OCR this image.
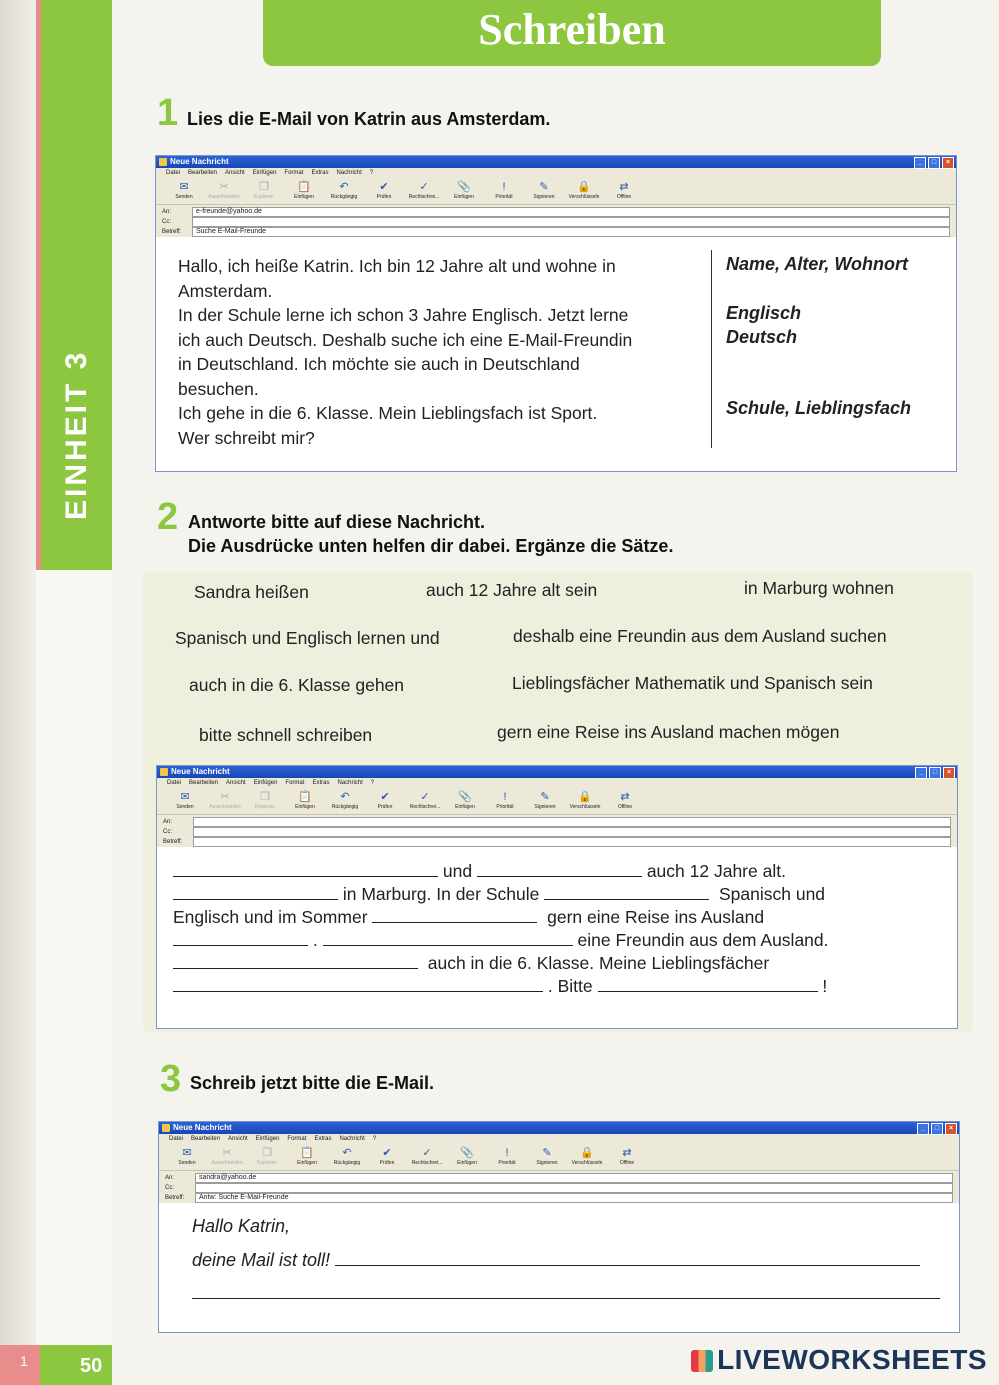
EINHEIT 3
1	50
Schreiben
1 Lies die E-Mail von Katrin aus Amsterdam.
Neue Nachricht	_	□	×
Datei Bearbeiten Ansicht Einfügen Format Extras Nachricht ?
✉
Senden
✂
Ausschneiden
❐
Kopieren
📋
Einfügen
↶
Rückgängig
✔
Prüfen
✓
Rechtschrei...
📎
Einfügen
!
Priorität
✎
Signieren
🔒
Verschlüsseln
⇄
Offline
An:	e-freunde@yahoo.de
Cc:
Betreff:	Suche E-Mail-Freunde
Hallo, ich heiße Katrin. Ich bin 12 Jahre alt und wohne in
Amsterdam.
In der Schule lerne ich schon 3 Jahre Englisch. Jetzt lerne
ich auch Deutsch. Deshalb suche ich eine E-Mail-Freundin
in Deutschland. Ich möchte sie auch in Deutschland
besuchen.
Ich gehe in die 6. Klasse. Mein Lieblingsfach ist Sport.
Wer schreibt mir?
Name, Alter, Wohnort
Englisch
Deutsch
Schule, Lieblingsfach
2 Antworte bitte auf diese Nachricht.
Die Ausdrücke unten helfen dir dabei. Ergänze die Sätze.
Sandra heißen	auch 12 Jahre alt sein	in Marburg wohnen
Spanisch und Englisch lernen und	deshalb eine Freundin aus dem Ausland suchen
auch in die 6. Klasse gehen	Lieblingsfächer Mathematik und Spanisch sein
bitte schnell schreiben	gern eine Reise ins Ausland machen mögen
Neue Nachricht	_	□	×
Datei Bearbeiten Ansicht Einfügen Format Extras Nachricht ?
✉
Senden
✂
Ausschneiden
❐
Kopieren
📋
Einfügen
↶
Rückgängig
✔
Prüfen
✓
Rechtschrei...
📎
Einfügen
!
Priorität
✎
Signieren
🔒
Verschlüsseln
⇄
Offline
An:
Cc:
Betreff:
und	auch 12 Jahre alt.
in Marburg. In der Schule	Spanisch und
Englisch und im Sommer	gern eine Reise ins Ausland
.	eine Freundin aus dem Ausland.
auch in die 6. Klasse. Meine Lieblingsfächer
. Bitte	!
3 Schreib jetzt bitte die E-Mail.
Neue Nachricht	_	□	×
Datei Bearbeiten Ansicht Einfügen Format Extras Nachricht ?
✉
Senden
✂
Ausschneiden
❐
Kopieren
📋
Einfügen
↶
Rückgängig
✔
Prüfen
✓
Rechtschrei...
📎
Einfügen
!
Priorität
✎
Signieren
🔒
Verschlüsseln
⇄
Offline
An:	sandra@yahoo.de
Cc:
Betreff:	Antw: Suche E-Mail-Freunde
Hallo Katrin,
deine Mail ist toll!
LIVEWORKSHEETS
